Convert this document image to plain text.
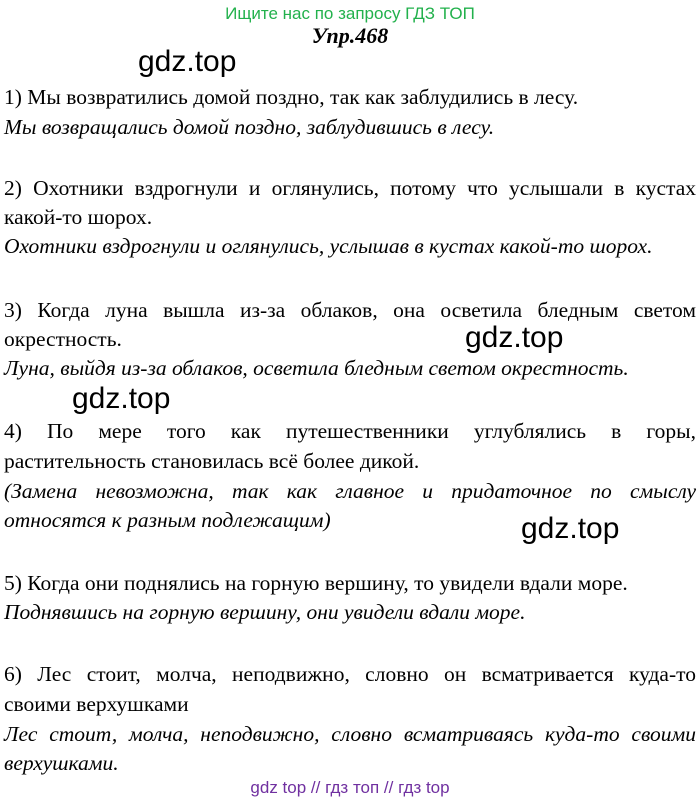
Ищите нас по запросу ГДЗ ТОП
Упр.468
gdz.top
gdz.top
gdz.top
gdz.top
1) Мы возвратились домой поздно, так как заблудились в лесу.
Мы возвращались домой поздно, заблудившись в лесу.
2) Охотники вздрогнули и оглянулись, потому что услышали в кустах
какой-то шорох.
Охотники вздрогнули и оглянулись, услышав в кустах какой-то шорох.
3) Когда луна вышла из-за облаков, она осветила бледным светом
окрестность.
Луна, выйдя из-за облаков, осветила бледным светом окрестность.
4) По мере того как путешественники углублялись в горы,
растительность становилась всё более дикой.
(Замена невозможна, так как главное и придаточное по смыслу
относятся к разным подлежащим)
5) Когда они поднялись на горную вершину, то увидели вдали море.
Поднявшись на горную вершину, они увидели вдали море.
6) Лес стоит, молча, неподвижно, словно он всматривается куда-то
своими верхушками
Лес стоит, молча, неподвижно, словно всматриваясь куда-то своими
верхушками.
gdz top // гдз топ // гдз top
